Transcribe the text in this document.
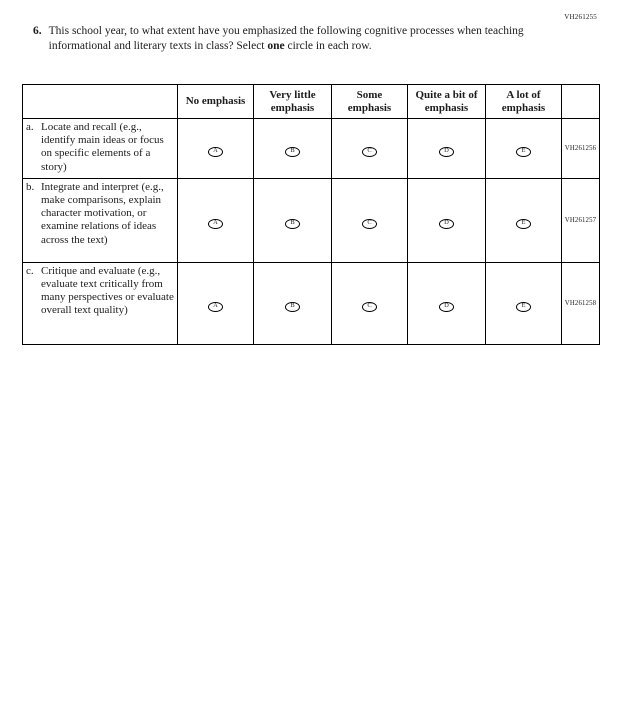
VH261255
6. This school year, to what extent have you emphasized the following cognitive processes when teaching informational and literary texts in class? Select one circle in each row.
	No emphasis	Very little emphasis	Some emphasis	Quite a bit of emphasis	A lot of emphasis	

a. Locate and recall (e.g., identify main ideas or focus on specific elements of a story)	A	B	C	D	E	VH261256

b. Integrate and interpret (e.g., make comparisons, explain character motivation, or examine relations of ideas across the text)	A	B	C	D	E	VH261257

c. Critique and evaluate (e.g., evaluate text critically from many perspectives or evaluate overall text quality)	A	B	C	D	E	VH261258
